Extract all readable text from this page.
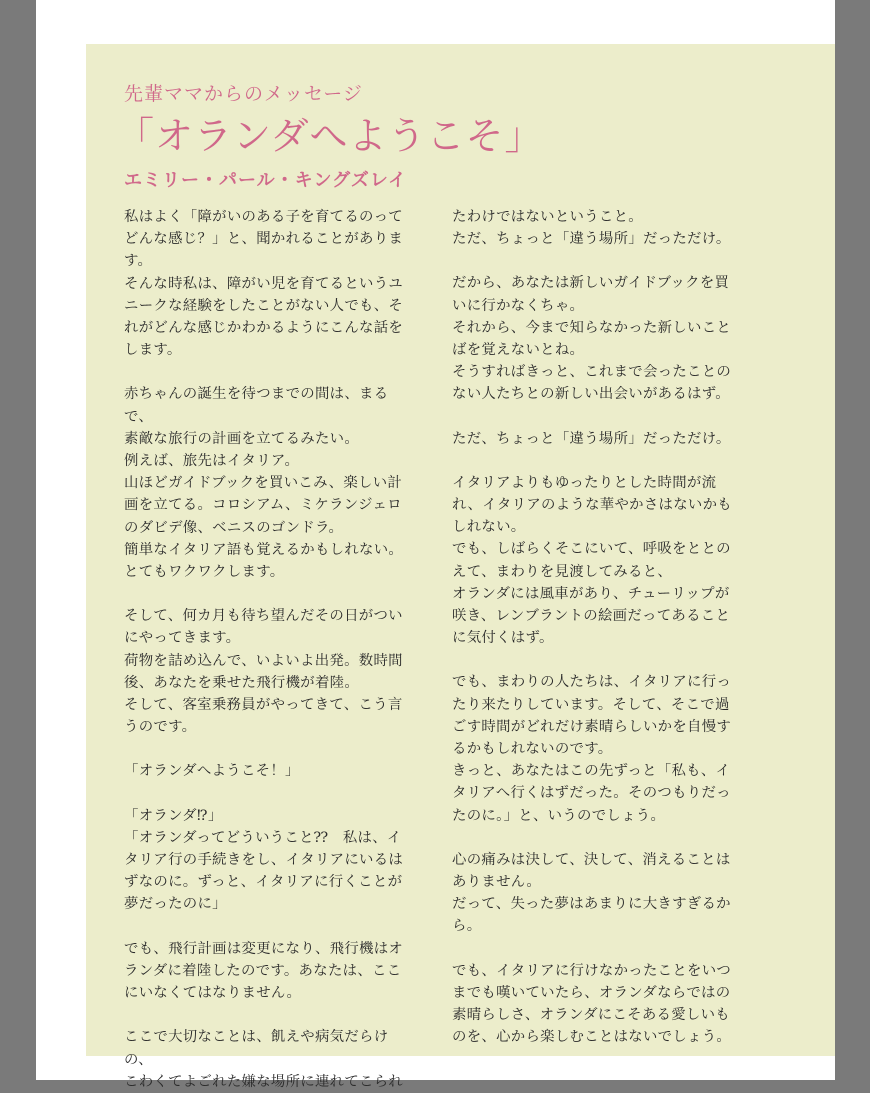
先輩ママからのメッセージ

「オランダへようこそ」

エミリー・パール・キングズレイ

私はよく「障がいのある子を育てるのって
どんな感じ？」と、聞かれることがあります。
そんな時私は、障がい児を育てるというユ
ニークな経験をしたことがない人でも、そ
れがどんな感じかわかるようにこんな話を
します。

赤ちゃんの誕生を待つまでの間は、まるで、
素敵な旅行の計画を立てるみたい。
例えば、旅先はイタリア。
山ほどガイドブックを買いこみ、楽しい計
画を立てる。コロシアム、ミケランジェロ
のダビデ像、ベニスのゴンドラ。
簡単なイタリア語も覚えるかもしれない。
とてもワクワクします。

そして、何カ月も待ち望んだその日がつい
にやってきます。
荷物を詰め込んで、いよいよ出発。数時間
後、あなたを乗せた飛行機が着陸。
そして、客室乗務員がやってきて、こう言
うのです。

「オランダへようこそ！」

「オランダ⁉」
「オランダってどういうこと⁇　私は、イ
タリア行の手続きをし、イタリアにいるは
ずなのに。ずっと、イタリアに行くことが
夢だったのに」

でも、飛行計画は変更になり、飛行機はオ
ランダに着陸したのです。あなたは、ここ
にいなくてはなりません。

ここで大切なことは、飢えや病気だらけの、
こわくてよごれた嫌な場所に連れてこられ

たわけではないということ。
ただ、ちょっと「違う場所」だっただけ。

だから、あなたは新しいガイドブックを買
いに行かなくちゃ。
それから、今まで知らなかった新しいこと
ばを覚えないとね。
そうすればきっと、これまで会ったことの
ない人たちとの新しい出会いがあるはず。

ただ、ちょっと「違う場所」だっただけ。

イタリアよりもゆったりとした時間が流
れ、イタリアのような華やかさはないかも
しれない。
でも、しばらくそこにいて、呼吸をととの
えて、まわりを見渡してみると、
オランダには風車があり、チューリップが
咲き、レンブラントの絵画だってあること
に気付くはず。

でも、まわりの人たちは、イタリアに行っ
たり来たりしています。そして、そこで過
ごす時間がどれだけ素晴らしいかを自慢す
るかもしれないのです。
きっと、あなたはこの先ずっと「私も、イ
タリアへ行くはずだった。そのつもりだっ
たのに。」と、いうのでしょう。

心の痛みは決して、決して、消えることは
ありません。
だって、失った夢はあまりに大きすぎるから。

でも、イタリアに行けなかったことをいつ
までも嘆いていたら、オランダならではの
素晴らしさ、オランダにこそある愛しいも
のを、心から楽しむことはないでしょう。
